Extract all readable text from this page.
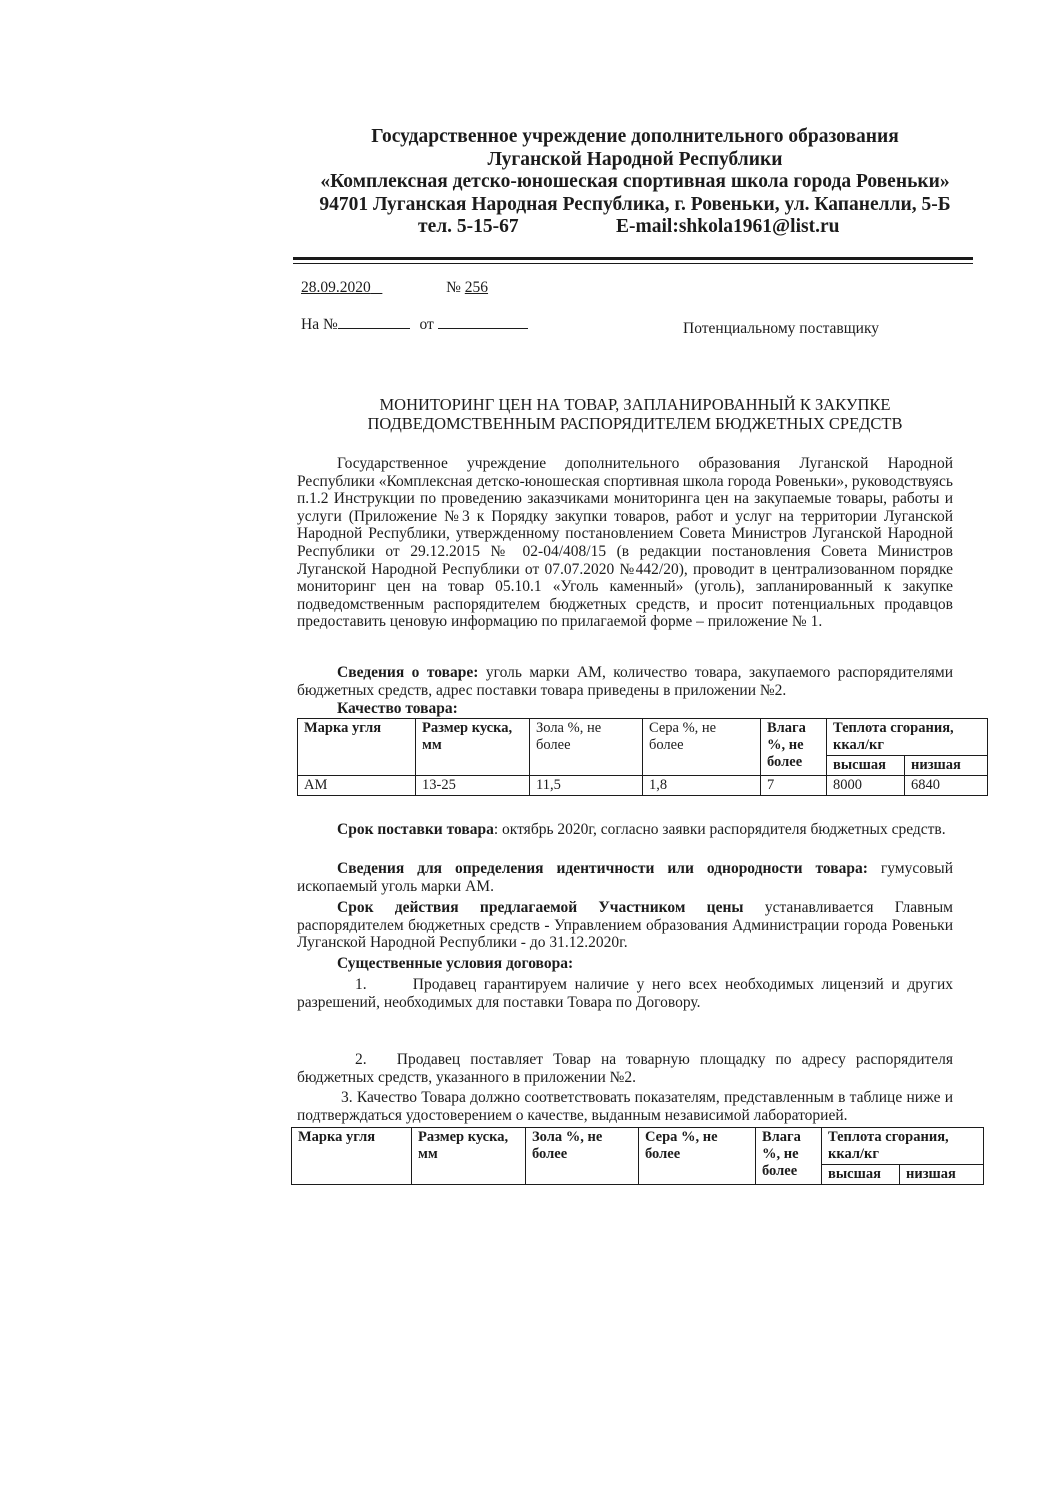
Государственное учреждение дополнительного образования
Луганской Народной Республики
«Комплексная детско-юношеская спортивная школа города Ровеньки»
94701 Луганская Народная Республика, г. Ровеньки, ул. Капанелли, 5-Б
тел. 5-15-67	E-mail:shkola1961@list.ru
28.09.2020	№ 256
На №	от	Потенциальному поставщику
МОНИТОРИНГ ЦЕН НА ТОВАР, ЗАПЛАНИРОВАННЫЙ К ЗАКУПКЕ
ПОДВЕДОМСТВЕННЫМ РАСПОРЯДИТЕЛЕМ БЮДЖЕТНЫХ СРЕДСТВ
Государственное учреждение дополнительного образования Луганской Народной Республики «Комплексная детско-юношеская спортивная школа города Ровеньки», руководствуясь п.1.2 Инструкции по проведению заказчиками мониторинга цен на закупаемые товары, работы и услуги (Приложение №3 к Порядку закупки товаров, работ и услуг на территории Луганской Народной Республики, утвержденному постановлением Совета Министров Луганской Народной Республики от 29.12.2015 № 02-04/408/15 (в редакции постановления Совета Министров Луганской Народной Республики от 07.07.2020 №442/20), проводит в централизованном порядке мониторинг цен на товар 05.10.1 «Уголь каменный» (уголь), запланированный к закупке подведомственным распорядителем бюджетных средств, и просит потенциальных продавцов предоставить ценовую информацию по прилагаемой форме – приложение № 1.
Сведения о товаре: уголь марки АМ, количество товара, закупаемого распорядителями бюджетных средств, адрес поставки товара приведены в приложении №2.
Качество товара:
Марка угля	Размер куска, мм	Зола %, не более	Сера %, не более	Влага %, не более	Теплота сгорания, ккал/кг	
					высшая	низшая
АМ	13-25	11,5	1,8	7	8000	6840
Срок поставки товара: октябрь 2020г, согласно заявки распорядителя бюджетных средств.
Сведения для определения идентичности или однородности товара: гумусовый ископаемый уголь марки АМ.
Срок действия предлагаемой Участником цены устанавливается Главным распорядителем бюджетных средств - Управлением образования Администрации города Ровеньки Луганской Народной Республики - до 31.12.2020г.
Существенные условия договора:
1.	Продавец гарантируем наличие у него всех необходимых лицензий и других разрешений, необходимых для поставки Товара по Договору.
2. Продавец поставляет Товар на товарную площадку по адресу распорядителя бюджетных средств, указанного в приложении №2.
3. Качество Товара должно соответствовать показателям, представленным в таблице ниже и подтверждаться удостоверением о качестве, выданным независимой лабораторией.
Марка угля	Размер куска, мм	Зола %, не более	Сера %, не более	Влага %, не более	Теплота сгорания, ккал/кг	
					высшая	низшая
